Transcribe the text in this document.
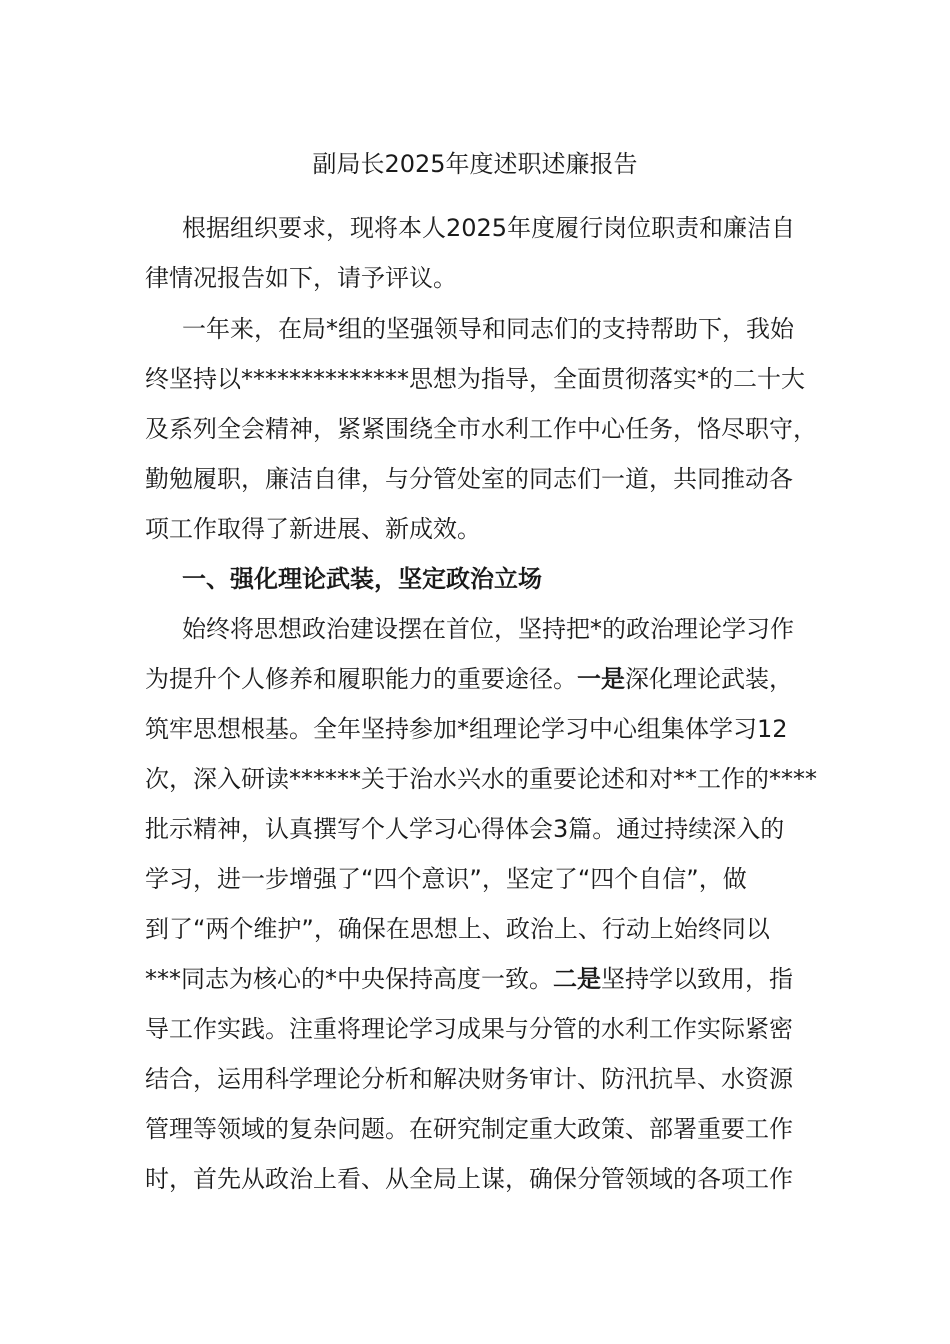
副局长2025年度述职述廉报告
根据组织要求，现将本人2025年度履行岗位职责和廉洁自
律情况报告如下，请予评议。
一年来，在局*组的坚强领导和同志们的支持帮助下，我始
终坚持以**************思想为指导，全面贯彻落实*的二十大
及系列全会精神，紧紧围绕全市水利工作中心任务，恪尽职守，
勤勉履职，廉洁自律，与分管处室的同志们一道，共同推动各
项工作取得了新进展、新成效。
一、强化理论武装，坚定政治立场
始终将思想政治建设摆在首位，坚持把*的政治理论学习作
为提升个人修养和履职能力的重要途径。一是深化理论武装，
筑牢思想根基。全年坚持参加*组理论学习中心组集体学习12
次，深入研读******关于治水兴水的重要论述和对**工作的****
批示精神，认真撰写个人学习心得体会3篇。通过持续深入的
学习，进一步增强了“四个意识”，坚定了“四个自信”，做
到了“两个维护”，确保在思想上、政治上、行动上始终同以
***同志为核心的*中央保持高度一致。二是坚持学以致用，指
导工作实践。注重将理论学习成果与分管的水利工作实际紧密
结合，运用科学理论分析和解决财务审计、防汛抗旱、水资源
管理等领域的复杂问题。在研究制定重大政策、部署重要工作
时，首先从政治上看、从全局上谋，确保分管领域的各项工作
